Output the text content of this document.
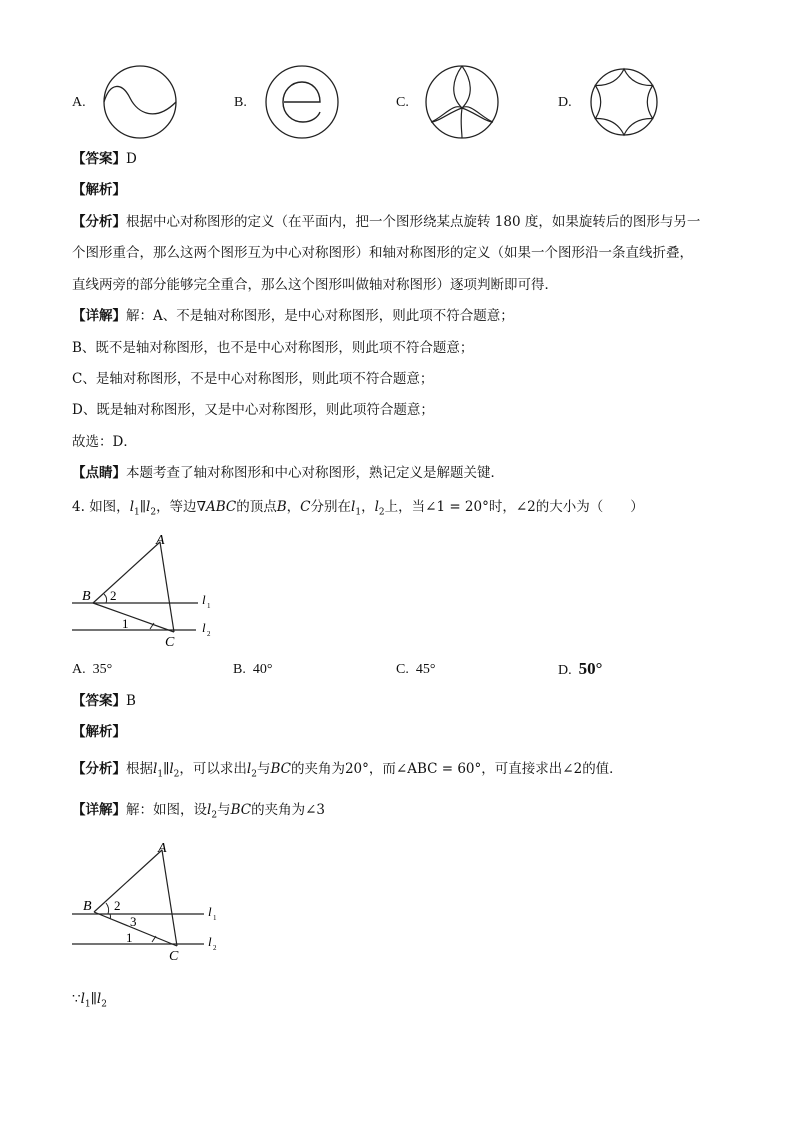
A.	B.	C.	D.
【答案】D
【解析】
【分析】根据中心对称图形的定义（在平面内，把一个图形绕某点旋转 180 度，如果旋转后的图形与另一
个图形重合，那么这两个图形互为中心对称图形）和轴对称图形的定义（如果一个图形沿一条直线折叠，
直线两旁的部分能够完全重合，那么这个图形叫做轴对称图形）逐项判断即可得．
【详解】解：A、不是轴对称图形，是中心对称图形，则此项不符合题意；
B、既不是轴对称图形，也不是中心对称图形，则此项不符合题意；
C、是轴对称图形，不是中心对称图形，则此项不符合题意；
D、既是轴对称图形，又是中心对称图形，则此项符合题意；
故选：D．
【点睛】本题考查了轴对称图形和中心对称图形，熟记定义是解题关键．
4. 如图，$l_1\parallel l_2$，等边∇ABC的顶点B，C分别在$l_1$，$l_2$上，当∠1 = 20°时，∠2的大小为（　　）
A
B
C
2
1
l 1
l 2
A. 35°	B. 40°	C. 45°	D. 50°
【答案】B
【解析】
【分析】根据$l_1\parallel l_2$，可以求出$l_2$与BC的夹角为20°，而∠ABC = 60°，可直接求出∠2的值．
【详解】解：如图，设$l_2$与BC的夹角为∠3
A
B
C
2
3
1
l 1
l 2
$\because l_1\parallel l_2$
